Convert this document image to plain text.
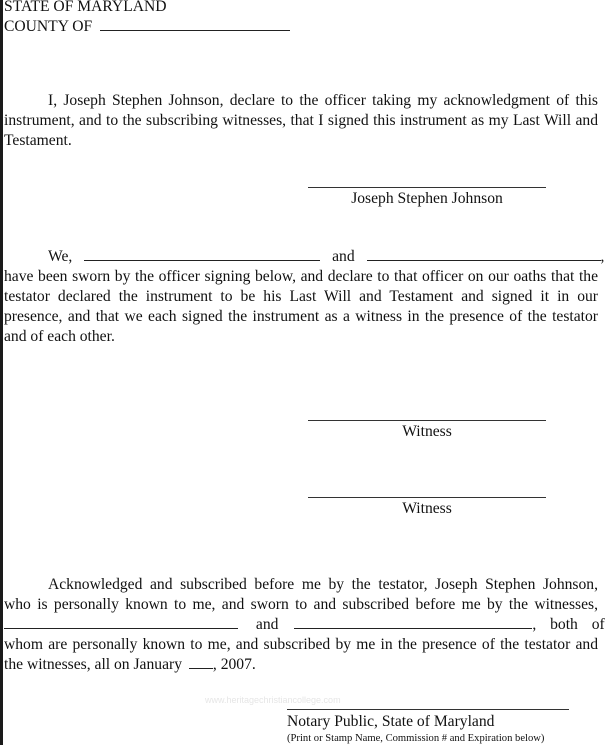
STATE OF MARYLAND
COUNTY OF
I, Joseph Stephen Johnson, declare to the officer taking my acknowledgment of this
instrument, and to the subscribing witnesses, that I signed this instrument as my Last Will and
Testament.
Joseph Stephen Johnson
We,	and	,
have been sworn by the officer signing below, and declare to that officer on our oaths that the
testator declared the instrument to be his Last Will and Testament and signed it in our
presence, and that we each signed the instrument as a witness in the presence of the testator
and of each other.
Witness
Witness
Acknowledged and subscribed before me by the testator, Joseph Stephen Johnson,
who is personally known to me, and sworn to and subscribed before me by the witnesses,
and	, both of
whom are personally known to me, and subscribed by me in the presence of the testator and
the witnesses, all on January , 2007.
www.heritagechristiancollege.com
Notary Public, State of Maryland
(Print or Stamp Name, Commission # and Expiration below)
